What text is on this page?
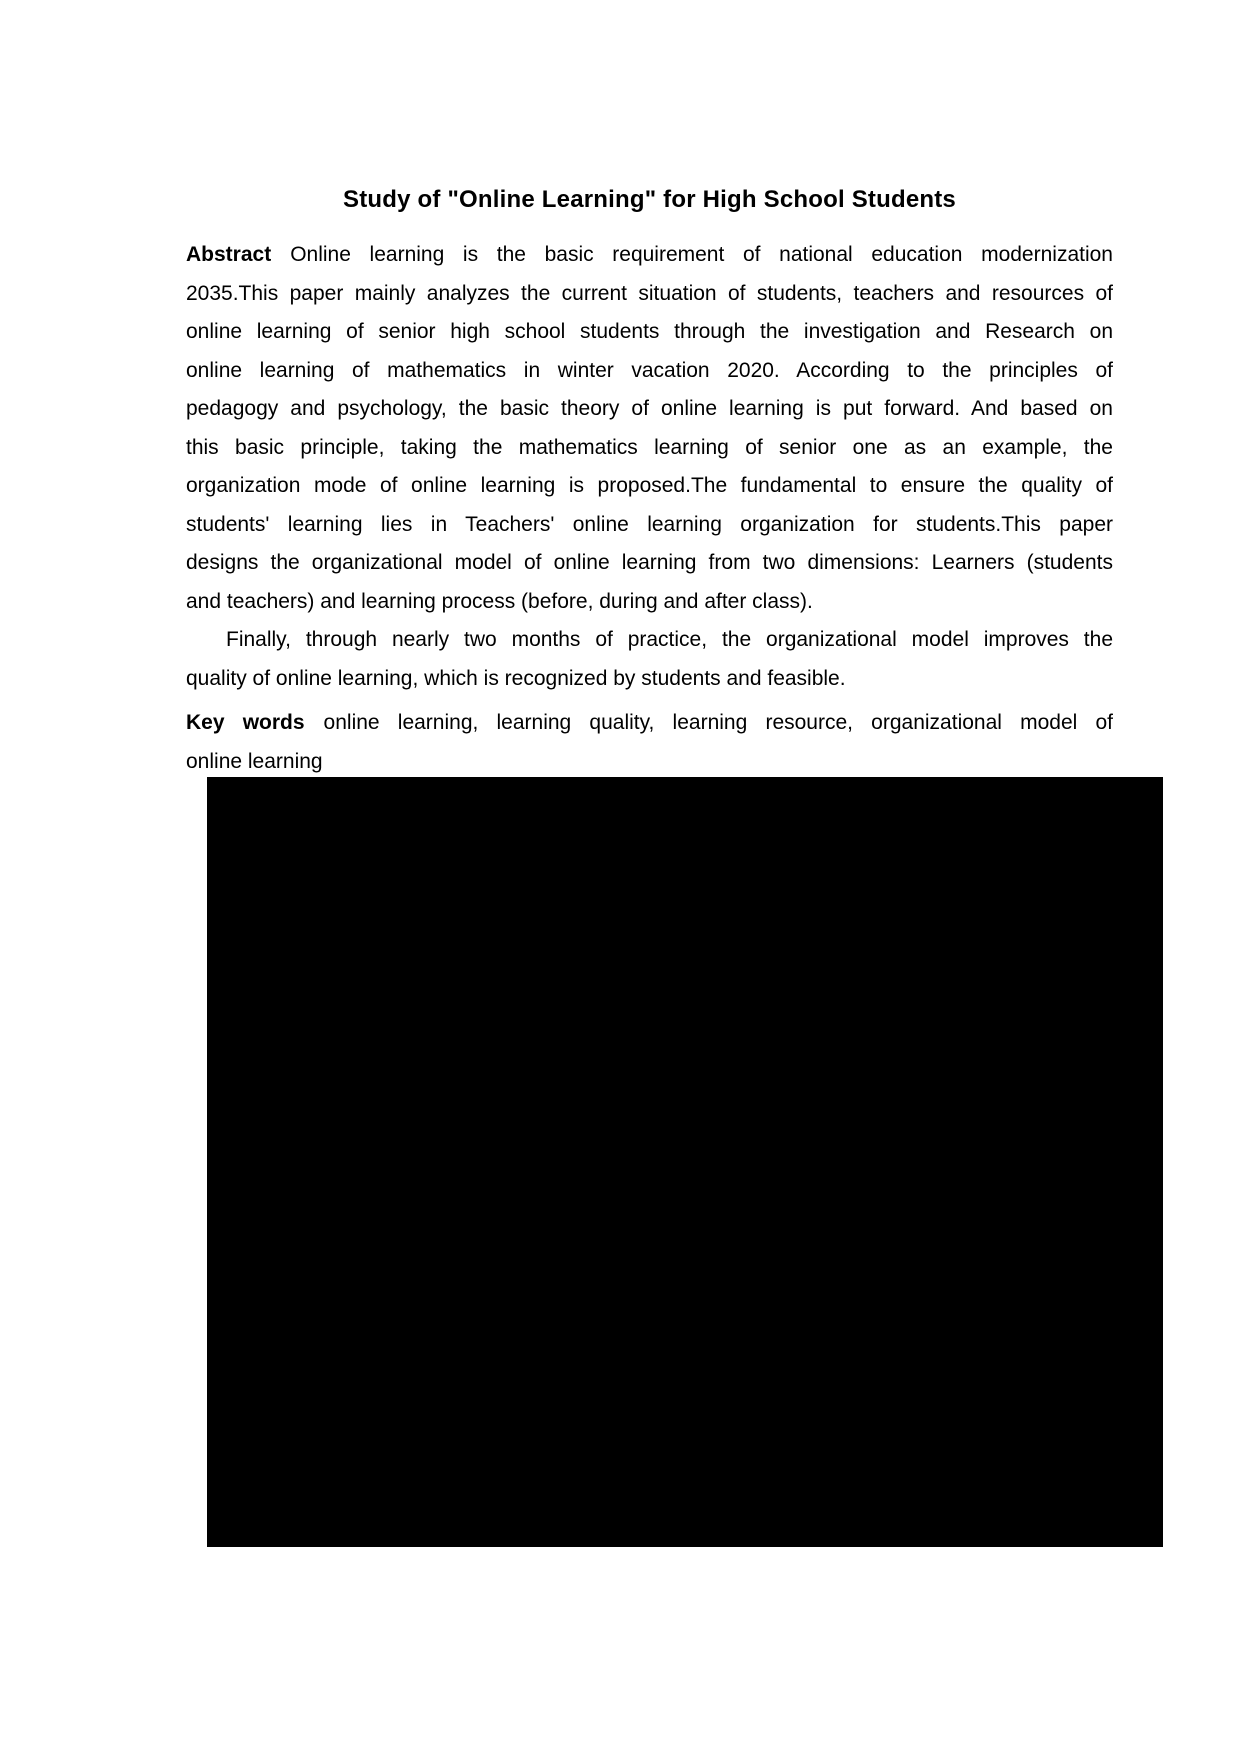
Study of "Online Learning" for High School Students
Abstract Online learning is the basic requirement of national education modernization
2035.This paper mainly analyzes the current situation of students, teachers and resources of
online learning of senior high school students through the investigation and Research on
online learning of mathematics in winter vacation 2020. According to the principles of
pedagogy and psychology, the basic theory of online learning is put forward. And based on
this basic principle, taking the mathematics learning of senior one as an example, the
organization mode of online learning is proposed.The fundamental to ensure the quality of
students' learning lies in Teachers' online learning organization for students.This paper
designs the organizational model of online learning from two dimensions: Learners (students
and teachers) and learning process (before, during and after class).
Finally, through nearly two months of practice, the organizational model improves the
quality of online learning, which is recognized by students and feasible.
Key words online learning, learning quality, learning resource, organizational model of
online learning
